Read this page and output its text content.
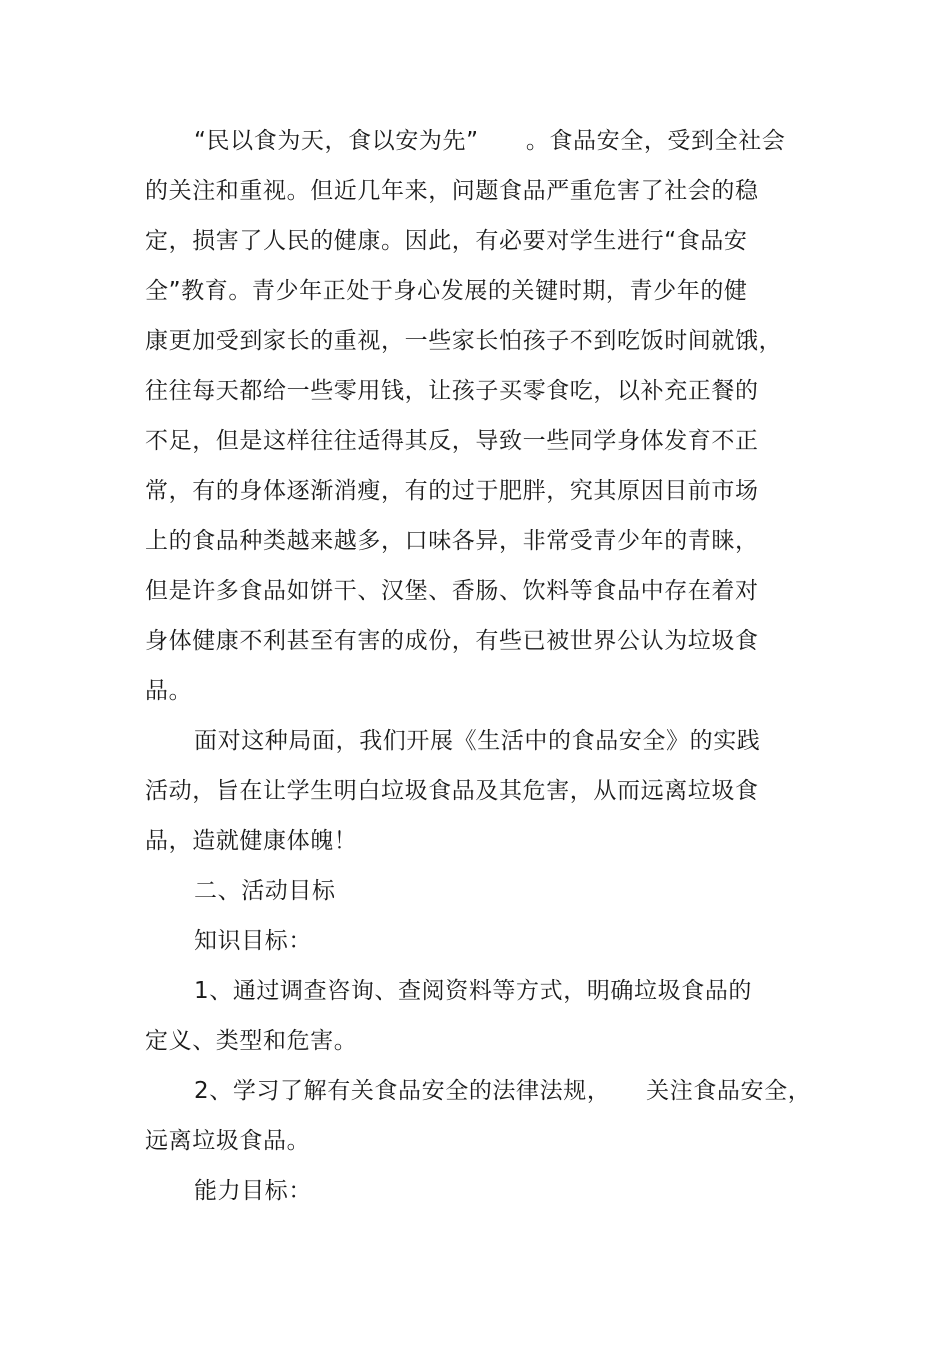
“民以食为天，食以安为先”　　。食品安全，受到全社会
的关注和重视。但近几年来，问题食品严重危害了社会的稳
定，损害了人民的健康。因此，有必要对学生进行“食品安
全”教育。青少年正处于身心发展的关键时期，青少年的健
康更加受到家长的重视，一些家长怕孩子不到吃饭时间就饿，
往往每天都给一些零用钱，让孩子买零食吃，以补充正餐的
不足，但是这样往往适得其反，导致一些同学身体发育不正
常，有的身体逐渐消瘦，有的过于肥胖，究其原因目前市场
上的食品种类越来越多，口味各异，非常受青少年的青睐，
但是许多食品如饼干、汉堡、香肠、饮料等食品中存在着对
身体健康不利甚至有害的成份，有些已被世界公认为垃圾食
品。
面对这种局面，我们开展《生活中的食品安全》的实践
活动，旨在让学生明白垃圾食品及其危害，从而远离垃圾食
品，造就健康体魄！
二、活动目标
知识目标：
1、通过调查咨询、查阅资料等方式，明确垃圾食品的
定义、类型和危害。
2、学习了解有关食品安全的法律法规，　　关注食品安全，
远离垃圾食品。
能力目标：
